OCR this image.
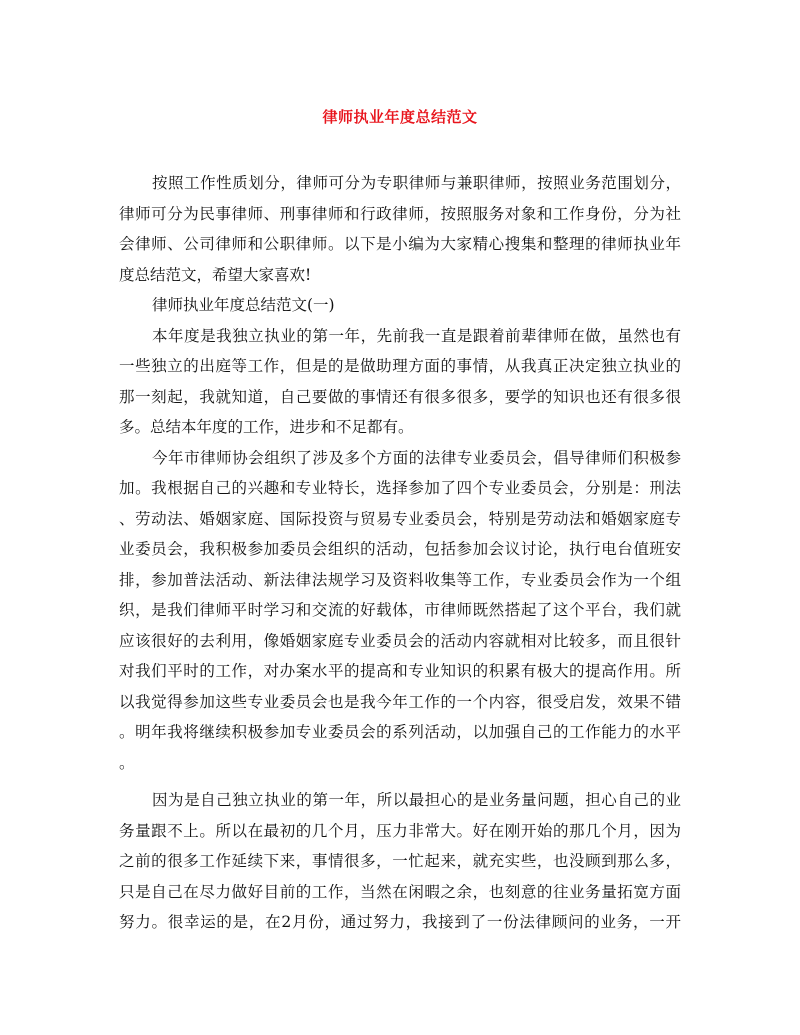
律师执业年度总结范文
按照工作性质划分，律师可分为专职律师与兼职律师，按照业务范围划分，
律师可分为民事律师、刑事律师和行政律师，按照服务对象和工作身份，分为社
会律师、公司律师和公职律师。以下是小编为大家精心搜集和整理的律师执业年
度总结范文，希望大家喜欢!
律师执业年度总结范文(一)
本年度是我独立执业的第一年，先前我一直是跟着前辈律师在做，虽然也有
一些独立的出庭等工作，但是的是做助理方面的事情，从我真正决定独立执业的
那一刻起，我就知道，自己要做的事情还有很多很多，要学的知识也还有很多很
多。总结本年度的工作，进步和不足都有。
今年市律师协会组织了涉及多个方面的法律专业委员会，倡导律师们积极参
加。我根据自己的兴趣和专业特长，选择参加了四个专业委员会，分别是：刑法
、劳动法、婚姻家庭、国际投资与贸易专业委员会，特别是劳动法和婚姻家庭专
业委员会，我积极参加委员会组织的活动，包括参加会议讨论，执行电台值班安
排，参加普法活动、新法律法规学习及资料收集等工作，专业委员会作为一个组
织，是我们律师平时学习和交流的好载体，市律师既然搭起了这个平台，我们就
应该很好的去利用，像婚姻家庭专业委员会的活动内容就相对比较多，而且很针
对我们平时的工作，对办案水平的提高和专业知识的积累有极大的提高作用。所
以我觉得参加这些专业委员会也是我今年工作的一个内容，很受启发，效果不错
。明年我将继续积极参加专业委员会的系列活动，以加强自己的工作能力的水平
。
因为是自己独立执业的第一年，所以最担心的是业务量问题，担心自己的业
务量跟不上。所以在最初的几个月，压力非常大。好在刚开始的那几个月，因为
之前的很多工作延续下来，事情很多，一忙起来，就充实些，也没顾到那么多，
只是自己在尽力做好目前的工作，当然在闲暇之余，也刻意的往业务量拓宽方面
努力。很幸运的是，在2月份，通过努力，我接到了一份法律顾问的业务，一开
